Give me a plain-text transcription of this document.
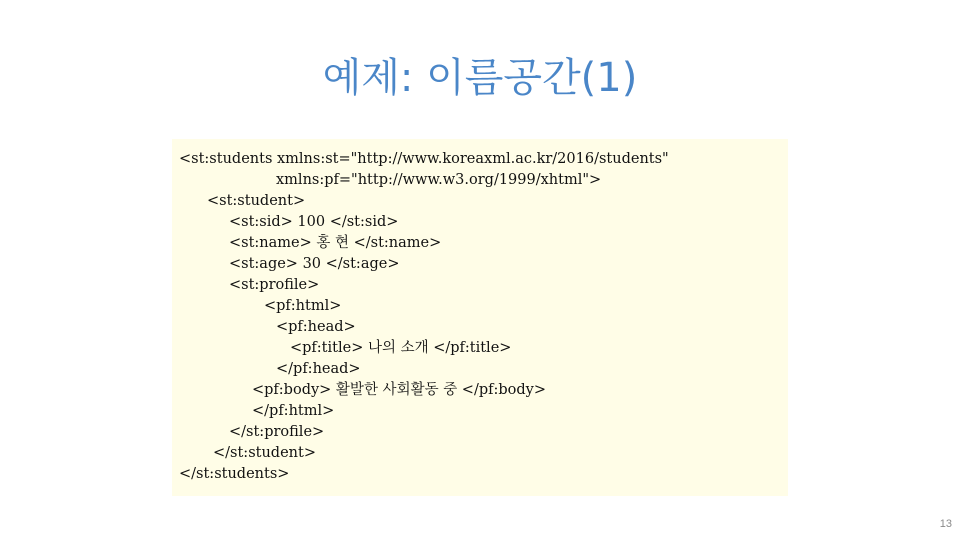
예제: 이름공간(1)
<st:students xmlns:st="http://www.koreaxml.ac.kr/2016/students"
xmlns:pf="http://www.w3.org/1999/xhtml">
<st:student>
<st:sid> 100 </st:sid>
<st:name> 홍 현 </st:name>
<st:age> 30 </st:age>
<st:profile>
<pf:html>
<pf:head>
<pf:title> 나의 소개 </pf:title>
</pf:head>
<pf:body> 활발한 사회활동 중 </pf:body>
</pf:html>
</st:profile>
</st:student>
</st:students>
13
